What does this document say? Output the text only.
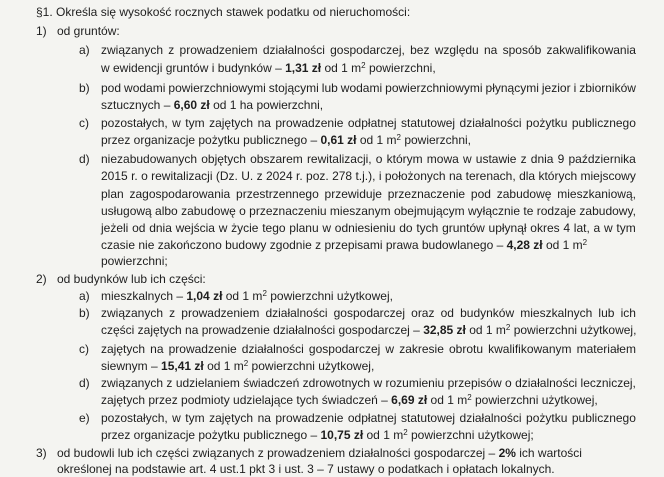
§1. Określa się wysokość rocznych stawek podatku od nieruchomości:
1) od gruntów:
a) związanych z prowadzeniem działalności gospodarczej, bez względu na sposób zakwalifikowania
w ewidencji gruntów i budynków – 1,31 zł od 1 $m^2$ powierzchni,
b) pod wodami powierzchniowymi stojącymi lub wodami powierzchniowymi płynącymi jezior i zbiorników
sztucznych – 6,60 zł od 1 ha powierzchni,
c) pozostałych, w tym zajętych na prowadzenie odpłatnej statutowej działalności pożytku publicznego
przez organizacje pożytku publicznego – 0,61 zł od 1 $m^2$ powierzchni,
d) niezabudowanych objętych obszarem rewitalizacji, o którym mowa w ustawie z dnia 9 października
2015 r. o rewitalizacji (Dz. U. z 2024 r. poz. 278 t.j.), i położonych na terenach, dla których miejscowy
plan zagospodarowania przestrzennego przewiduje przeznaczenie pod zabudowę mieszkaniową,
usługową albo zabudowę o przeznaczeniu mieszanym obejmującym wyłącznie te rodzaje zabudowy,
jeżeli od dnia wejścia w życie tego planu w odniesieniu do tych gruntów upłynął okres 4 lat, a w tym
czasie nie zakończono budowy zgodnie z przepisami prawa budowlanego – 4,28 zł od 1 $m^2$
powierzchni;
2) od budynków lub ich części:
a) mieszkalnych – 1,04 zł od 1 $m^2$ powierzchni użytkowej,
b) związanych z prowadzeniem działalności gospodarczej oraz od budynków mieszkalnych lub ich
części zajętych na prowadzenie działalności gospodarczej – 32,85 zł od 1 $m^2$ powierzchni użytkowej,
c) zajętych na prowadzenie działalności gospodarczej w zakresie obrotu kwalifikowanym materiałem
siewnym – 15,41 zł od 1 $m^2$ powierzchni użytkowej,
d) związanych z udzielaniem świadczeń zdrowotnych w rozumieniu przepisów o działalności leczniczej,
zajętych przez podmioty udzielające tych świadczeń – 6,69 zł od 1 $m^2$ powierzchni użytkowej,
e) pozostałych, w tym zajętych na prowadzenie odpłatnej statutowej działalności pożytku publicznego
przez organizacje pożytku publicznego – 10,75 zł od 1 $m^2$ powierzchni użytkowej;
3) od budowli lub ich części związanych z prowadzeniem działalności gospodarczej – 2% ich wartości
określonej na podstawie art. 4 ust.1 pkt 3 i ust. 3 – 7 ustawy o podatkach i opłatach lokalnych.
